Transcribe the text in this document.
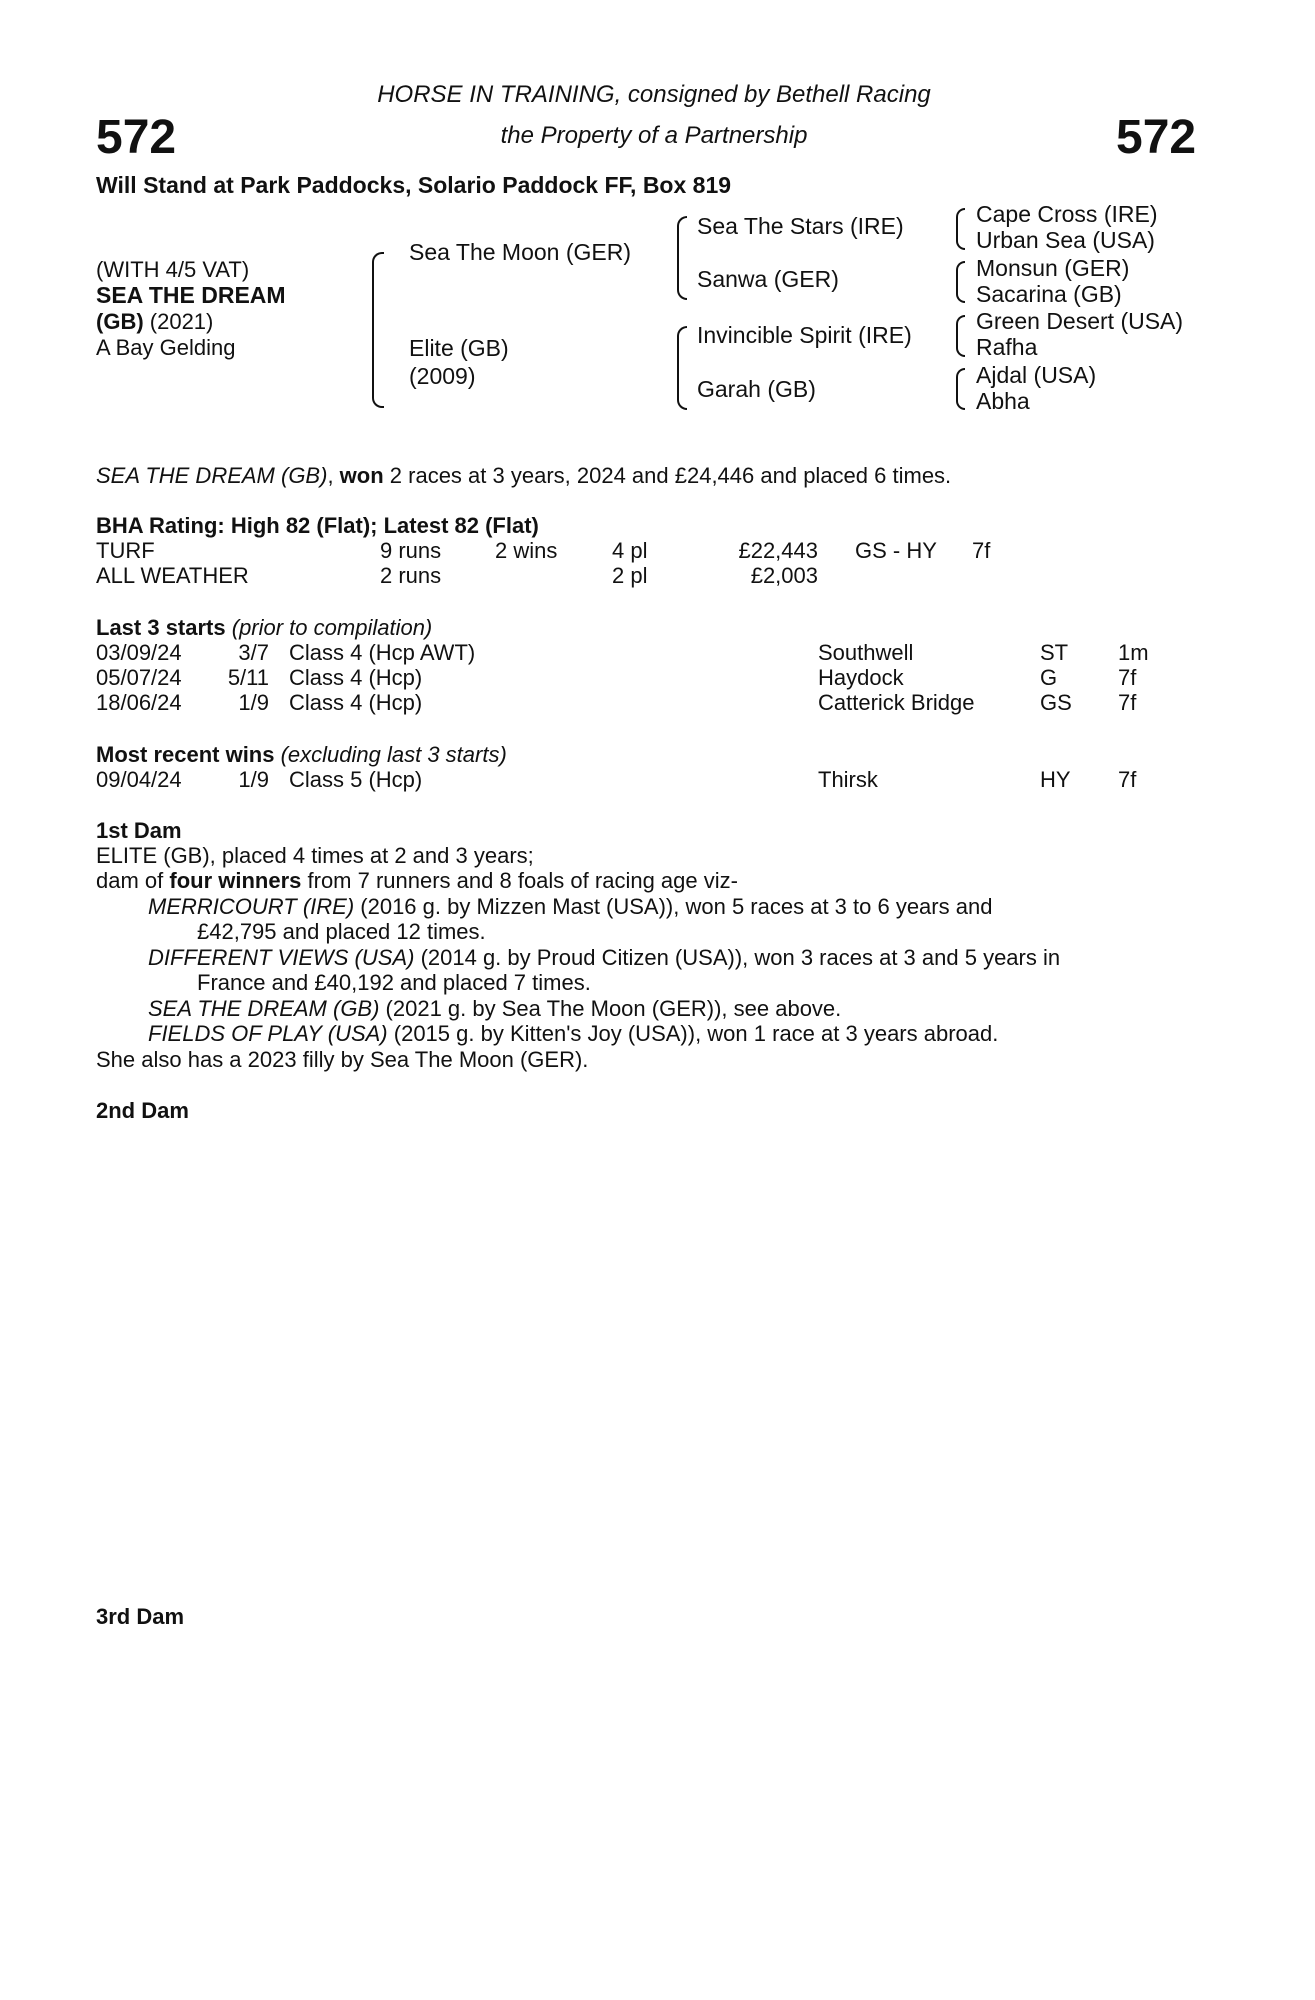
572	572
HORSE IN TRAINING, consigned by Bethell Racing
the Property of a Partnership
Will Stand at Park Paddocks, Solario Paddock FF, Box 819
(WITH 4/5 VAT)
SEA THE DREAM
(GB) (2021)
A Bay Gelding
Sea The Moon (GER)
Elite (GB)
(2009)
Sea The Stars (IRE)
Sanwa (GER)
Invincible Spirit (IRE)
Garah (GB)
Cape Cross (IRE)
Urban Sea (USA)
Monsun (GER)
Sacarina (GB)
Green Desert (USA)
Rafha
Ajdal (USA)
Abha
SEA THE DREAM (GB), won 2 races at 3 years, 2024 and £24,446 and placed 6 times.
BHA Rating: High 82 (Flat); Latest 82 (Flat)
TURF	9 runs 2 wins 4 pl	£22,443 GS - HY 7f
ALL WEATHER	2 runs	2 pl	£2,003
Last 3 starts (prior to compilation)
03/09/24	3/7 Class 4 (Hcp AWT)	Southwell	ST 1m
05/07/24 5/11 Class 4 (Hcp)	Haydock	G	7f
18/06/24	1/9 Class 4 (Hcp)	Catterick Bridge	GS 7f
Most recent wins (excluding last 3 starts)
09/04/24	1/9 Class 5 (Hcp)	Thirsk	HY 7f
1st Dam
ELITE (GB), placed 4 times at 2 and 3 years;
dam of four winners from 7 runners and 8 foals of racing age viz-
MERRICOURT (IRE) (2016 g. by Mizzen Mast (USA)), won 5 races at 3 to 6 years and
£42,795 and placed 12 times.
DIFFERENT VIEWS (USA) (2014 g. by Proud Citizen (USA)), won 3 races at 3 and 5 years in
France and £40,192 and placed 7 times.
SEA THE DREAM (GB) (2021 g. by Sea The Moon (GER)), see above.
FIELDS OF PLAY (USA) (2015 g. by Kitten's Joy (USA)), won 1 race at 3 years abroad.
She also has a 2023 filly by Sea The Moon (GER).
2nd Dam
3rd Dam
